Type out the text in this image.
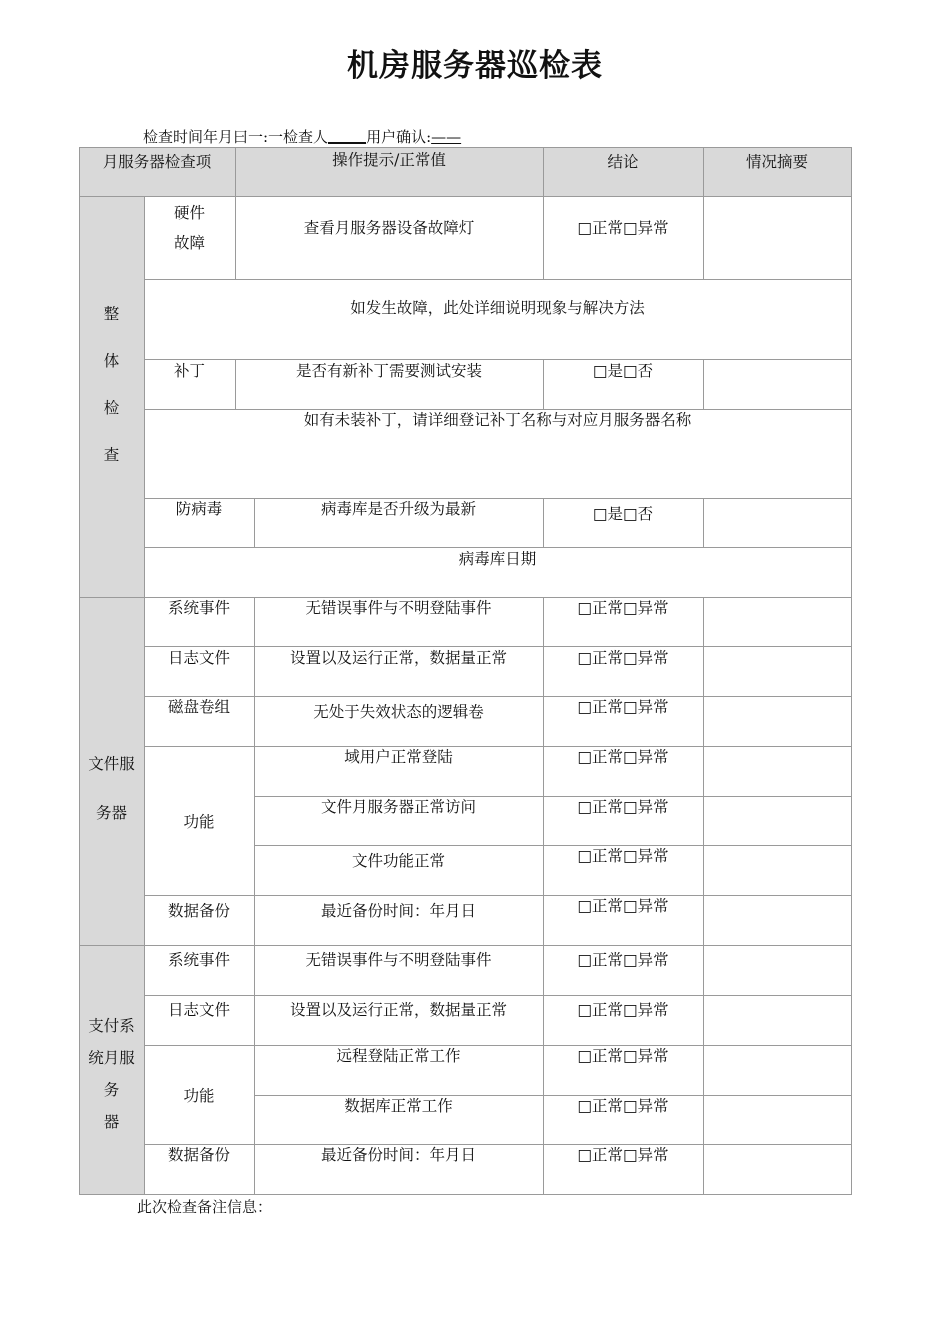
机房服务器巡检表
检查时间年月曰一:一检查人	用户确认:——
月服务器检查项	操作提示/正常值	结论	情况摘要
整
体
检
查
硬件
故障
查看月服务器设备故障灯	□正常□异常
如发生故障，此处详细说明现象与解决方法
补丁	是否有新补丁需要测试安装	□是□否
如有未装补丁，请详细登记补丁名称与对应月服务器名称
防病毒	病毒库是否升级为最新	□是□否
病毒库日期
文件服
务器
系统事件	无错误事件与不明登陆事件	□正常□异常
日志文件	设置以及运行正常，数据量正常	□正常□异常
磁盘卷组	无处于失效状态的逻辑卷	□正常□异常
功能
域用户正常登陆	□正常□异常
文件月服务器正常访问	□正常□异常
文件功能正常	□正常□异常
数据备份	最近备份时间：年月日	□正常□异常
支付系
统月服
务
器
系统事件	无错误事件与不明登陆事件	□正常□异常
日志文件	设置以及运行正常，数据量正常	□正常□异常
功能
远程登陆正常工作	□正常□异常
数据库正常工作	□正常□异常
数据备份	最近备份时间：年月日	□正常□异常
此次检查备注信息：
